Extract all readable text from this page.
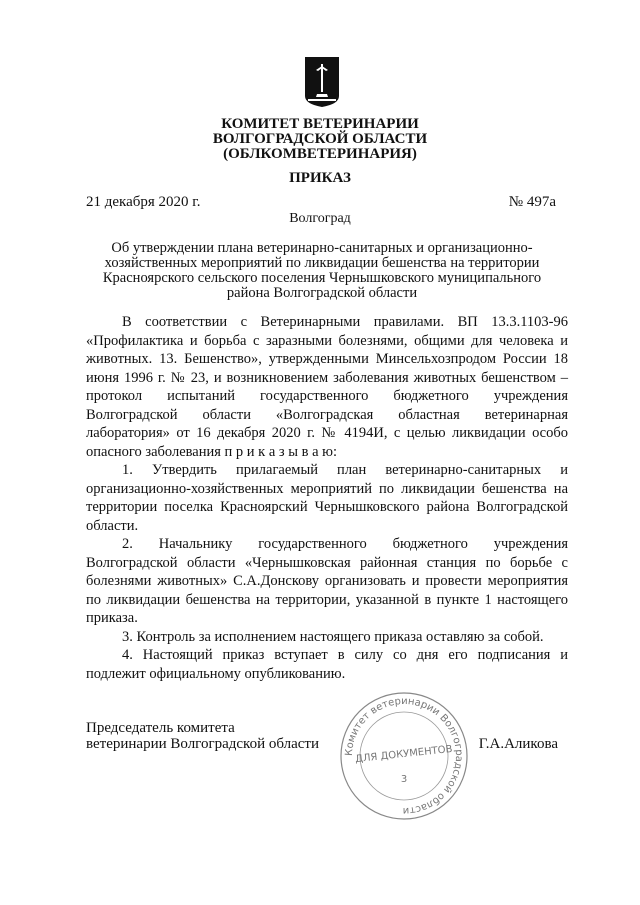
КОМИТЕТ ВЕТЕРИНАРИИ
ВОЛГОГРАДСКОЙ ОБЛАСТИ
(ОБЛКОМВЕТЕРИНАРИЯ)
ПРИКАЗ
21 декабря 2020 г.	№ 497а
Волгоград
Об утверждении плана ветеринарно-санитарных и организационно-хозяйственных мероприятий по ликвидации бешенства на территории Красноярского сельского поселения Чернышковского муниципального района Волгоградской области

В соответствии с Ветеринарными правилами. ВП 13.3.1103-96 «Профилактика и борьба с заразными болезнями, общими для человека и животных. 13. Бешенство», утвержденными Минсельхозпродом России 18 июня 1996 г. № 23, и возникновением заболевания животных бешенством – протокол испытаний государственного бюджетного учреждения Волгоградской области «Волгоградская областная ветеринарная лаборатория» от 16 декабря 2020 г. № 4194И, с целью ликвидации особо опасного заболевания п р и к а з ы в а ю:

1. Утвердить прилагаемый план ветеринарно-санитарных и организационно-хозяйственных мероприятий по ликвидации бешенства на территории поселка Красноярский Чернышковского района Волгоградской области.

2. Начальнику государственного бюджетного учреждения Волгоградской области «Чернышковская районная станция по борьбе с болезнями животных» С.А.Донскову организовать и провести мероприятия по ликвидации бешенства на территории, указанной в пункте 1 настоящего приказа.

3. Контроль за исполнением настоящего приказа оставляю за собой.

4. Настоящий приказ вступает в силу со дня его подписания и подлежит официальному опубликованию.

Председатель комитета
ветеринарии Волгоградской области	Г.А.Аликова
Комитет ветеринарии Волгоградской области
ДЛЯ ДОКУМЕНТОВ
3
